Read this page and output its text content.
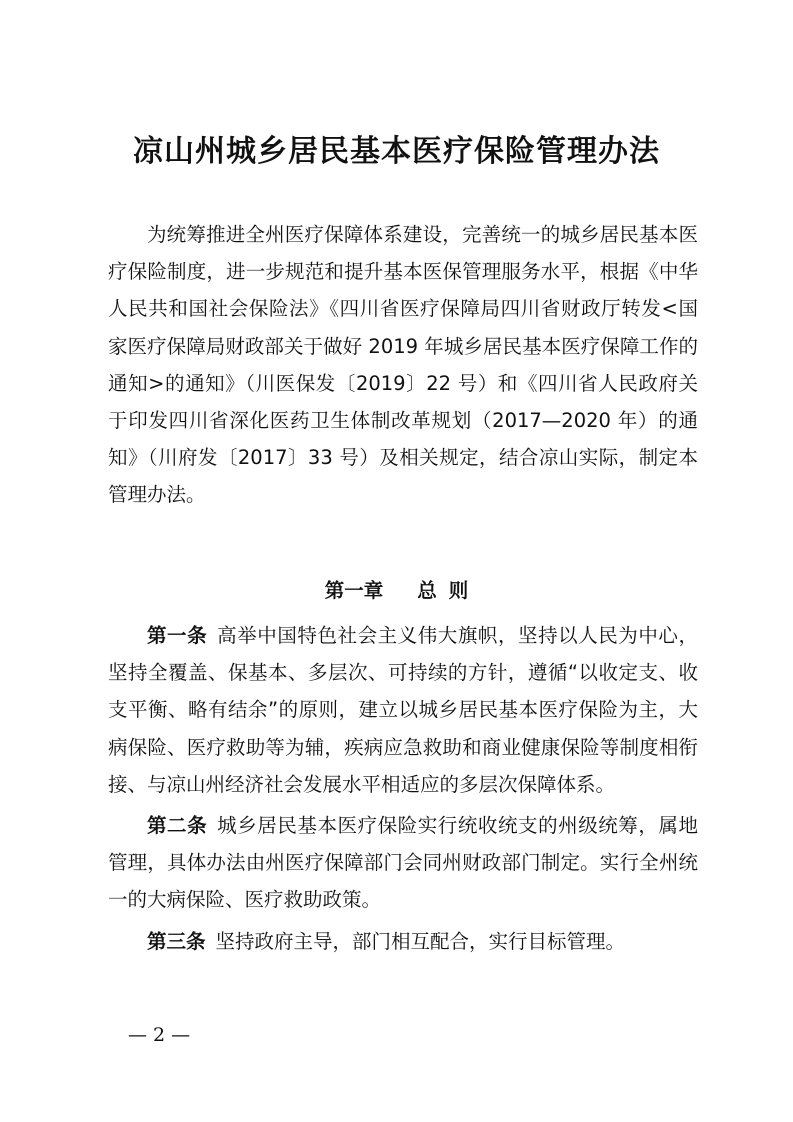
凉山州城乡居民基本医疗保险管理办法

为统筹推进全州医疗保障体系建设，完善统一的城乡居民基本医疗保险制度，进一步规范和提升基本医保管理服务水平，根据《中华人民共和国社会保险法》《四川省医疗保障局四川省财政厅转发<国家医疗保障局财政部关于做好 2019 年城乡居民基本医疗保障工作的通知>的通知》（川医保发〔2019〕22 号）和《四川省人民政府关于印发四川省深化医药卫生体制改革规划（2017—2020 年）的通知》（川府发〔2017〕33 号）及相关规定，结合凉山实际，制定本管理办法。

第一章 总 则

第一条 高举中国特色社会主义伟大旗帜，坚持以人民为中心，坚持全覆盖、保基本、多层次、可持续的方针，遵循“以收定支、收支平衡、略有结余”的原则，建立以城乡居民基本医疗保险为主，大病保险、医疗救助等为辅，疾病应急救助和商业健康保险等制度相衔接、与凉山州经济社会发展水平相适应的多层次保障体系。

第二条 城乡居民基本医疗保险实行统收统支的州级统筹，属地管理，具体办法由州医疗保障部门会同州财政部门制定。实行全州统一的大病保险、医疗救助政策。

第三条 坚持政府主导，部门相互配合，实行目标管理。

— 2 —
